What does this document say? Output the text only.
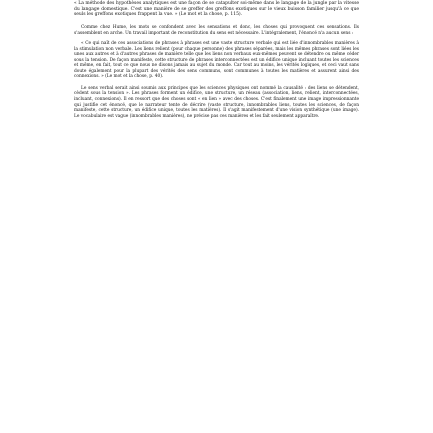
« La méthode des hypothèses analytiques est une façon de se catapulter soi-même dans le langage de la jungle par la vitesse du langage domestique. C'est une manière de se greffer des greffons exotiques sur le vieux buisson familier jusqu'à ce que seuls les greffons exotiques frappent la vue. » (Le mot et la chose, p. 115).

Comme chez Hume, les mots se confondent avec les sensations et donc, les choses qui provoquent ces sensations. Ils s'assemblent en arche. Un travail important de reconstitution du sens est nécessaire. L'intégralement, l'énoncé n'a aucun sens :

« Ce qui naît de ces associations de phrases à phrases est une vaste structure verbale qui est liée d'innombrables manières à la stimulation non verbale. Les liens relient (pour chaque personne) des phrases séparées, mais les mêmes phrases sont liées les unes aux autres et à d'autres phrases de manière telle que les liens non verbaux eux-mêmes peuvent se détendre ou même céder sous la tension. De façon manifeste, cette structure de phrases interconnectées est un édifice unique incluant toutes les sciences et même, en fait, tout ce que nous ne disons jamais au sujet du monde. Car tout au moins, les vérités logiques, et ceci vaut sans doute également pour la plupart des vérités des sens communs, sont communes à toutes les matières et assurent ainsi des connexions. » (Le mot et la chose, p. 40).

Le sens verbal serait ainsi soumis aux principes que les sciences physiques ont nommé la causalité : des liens se détendent, cèdent sous la tension ». Les phrases forment un édifice, une structure, un réseau (association, liens, relient, interconnectées, incluant, connexions). Il en ressort que des choses sont « en lien » avec des choses. C'est finalement une image impressionnante qui justifie cet énoncé, que le narrateur tente de décrire (vaste structure, innombrables liens, toutes les sciences, de façon manifeste, cette structure, un édifice unique, toutes les matières). Il s'agit manifestement d'une vision synthétique (une image). Le vocabulaire est vague (innombrables manières), ne précise pas ces manières et les fait seulement apparaître.
